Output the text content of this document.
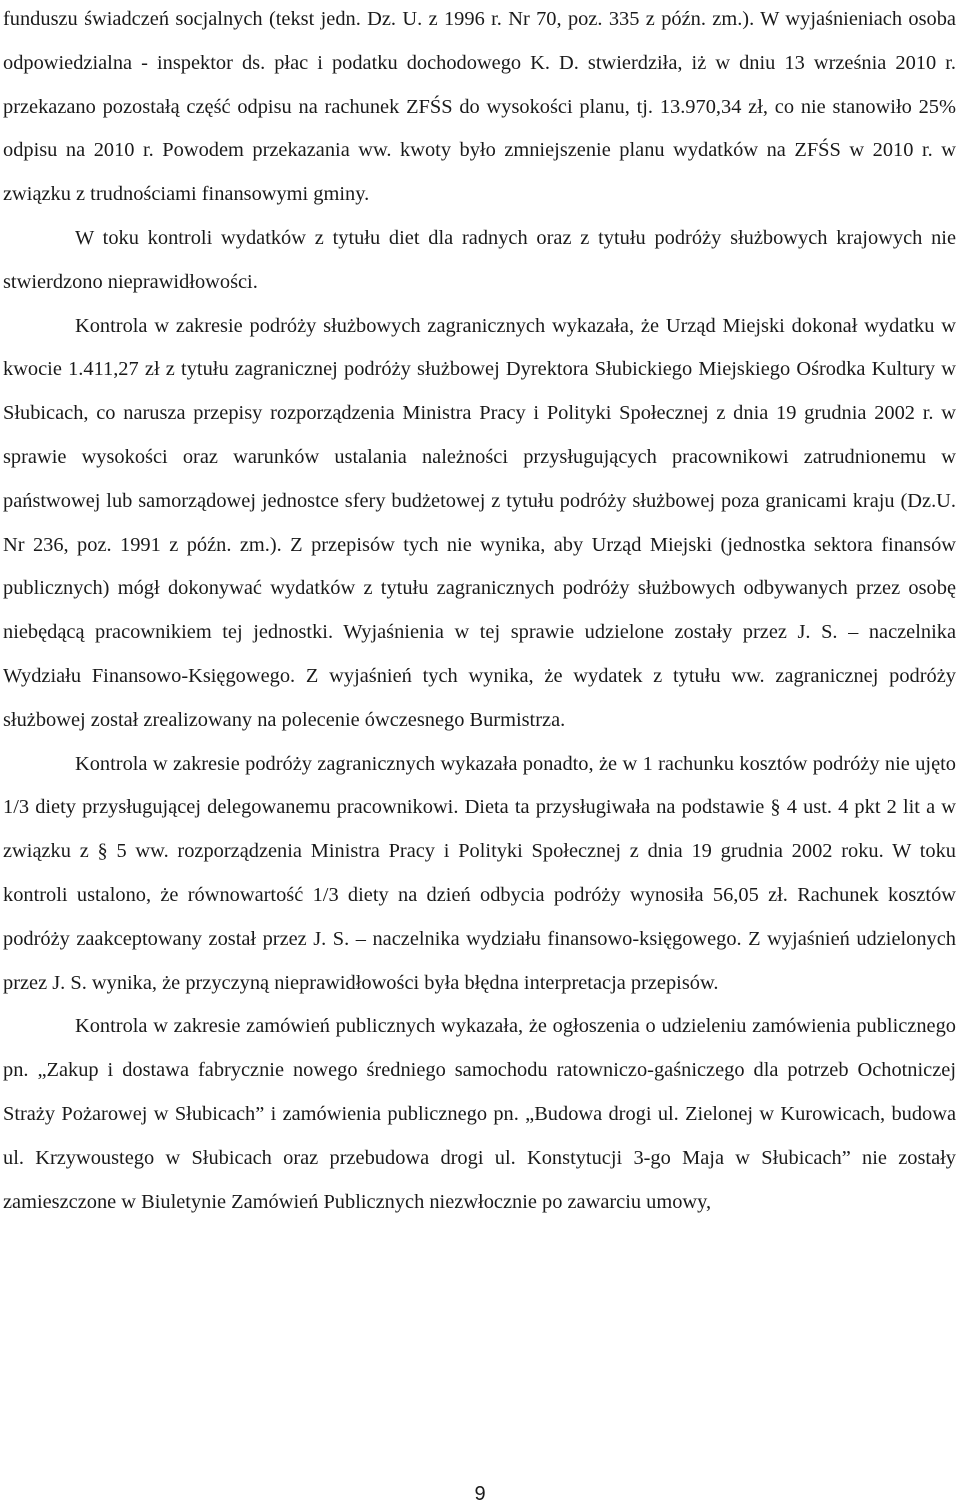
funduszu świadczeń socjalnych (tekst jedn. Dz. U. z 1996 r. Nr 70, poz. 335 z późn. zm.). W wyjaśnieniach osoba odpowiedzialna - inspektor ds. płac i podatku dochodowego K. D. stwierdziła, iż w dniu 13 września 2010 r. przekazano pozostałą część odpisu na rachunek ZFŚS do wysokości planu, tj. 13.970,34 zł, co nie stanowiło 25% odpisu na 2010 r. Powodem przekazania ww. kwoty było zmniejszenie planu wydatków na ZFŚS w 2010 r. w związku z trudnościami finansowymi gminy.

W toku kontroli wydatków z tytułu diet dla radnych oraz z tytułu podróży służbowych krajowych nie stwierdzono nieprawidłowości.

Kontrola w zakresie podróży służbowych zagranicznych wykazała, że Urząd Miejski dokonał wydatku w kwocie 1.411,27 zł z tytułu zagranicznej podróży służbowej Dyrektora Słubickiego Miejskiego Ośrodka Kultury w Słubicach, co narusza przepisy rozporządzenia Ministra Pracy i Polityki Społecznej z dnia 19 grudnia 2002 r. w sprawie wysokości oraz warunków ustalania należności przysługujących pracownikowi zatrudnionemu w państwowej lub samorządowej jednostce sfery budżetowej z tytułu podróży służbowej poza granicami kraju (Dz.U. Nr 236, poz. 1991 z późn. zm.). Z przepisów tych nie wynika, aby Urząd Miejski (jednostka sektora finansów publicznych) mógł dokonywać wydatków z tytułu zagranicznych podróży służbowych odbywanych przez osobę niebędącą pracownikiem tej jednostki. Wyjaśnienia w tej sprawie udzielone zostały przez J. S. – naczelnika Wydziału Finansowo-Księgowego. Z wyjaśnień tych wynika, że wydatek z tytułu ww. zagranicznej podróży służbowej został zrealizowany na polecenie ówczesnego Burmistrza.

Kontrola w zakresie podróży zagranicznych wykazała ponadto, że w 1 rachunku kosztów podróży nie ujęto 1/3 diety przysługującej delegowanemu pracownikowi. Dieta ta przysługiwała na podstawie § 4 ust. 4 pkt 2 lit a w związku z § 5 ww. rozporządzenia Ministra Pracy i Polityki Społecznej z dnia 19 grudnia 2002 roku. W toku kontroli ustalono, że równowartość 1/3 diety na dzień odbycia podróży wynosiła 56,05 zł. Rachunek kosztów podróży zaakceptowany został przez J. S. – naczelnika wydziału finansowo-księgowego. Z wyjaśnień udzielonych przez J. S. wynika, że przyczyną nieprawidłowości była błędna interpretacja przepisów.

Kontrola w zakresie zamówień publicznych wykazała, że ogłoszenia o udzieleniu zamówienia publicznego pn. „Zakup i dostawa fabrycznie nowego średniego samochodu ratowniczo-gaśniczego dla potrzeb Ochotniczej Straży Pożarowej w Słubicach” i zamówienia publicznego pn. „Budowa drogi ul. Zielonej w Kurowicach, budowa ul. Krzywoustego w Słubicach oraz przebudowa drogi ul. Konstytucji 3-go Maja w Słubicach” nie zostały zamieszczone w Biuletynie Zamówień Publicznych niezwłocznie po zawarciu umowy,

9
